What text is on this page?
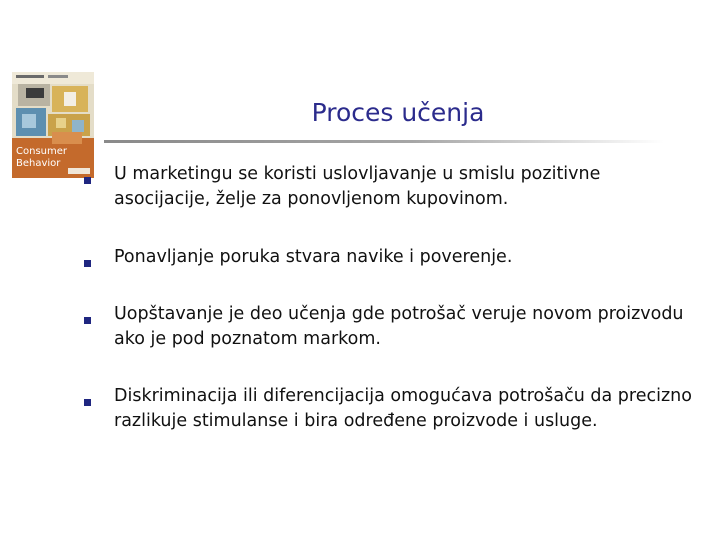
Consumer
Behavior
Proces učenja
U marketingu se koristi uslovljavanje u smislu pozitivne asocijacije, želje za ponovljenom kupovinom.
Ponavljanje poruka stvara navike i poverenje.
Uopštavanje je deo učenja gde potrošač veruje novom proizvodu ako je pod poznatom markom.
Diskriminacija ili diferencijacija omogućava potrošaču da precizno razlikuje stimulanse i bira određene proizvode i usluge.
